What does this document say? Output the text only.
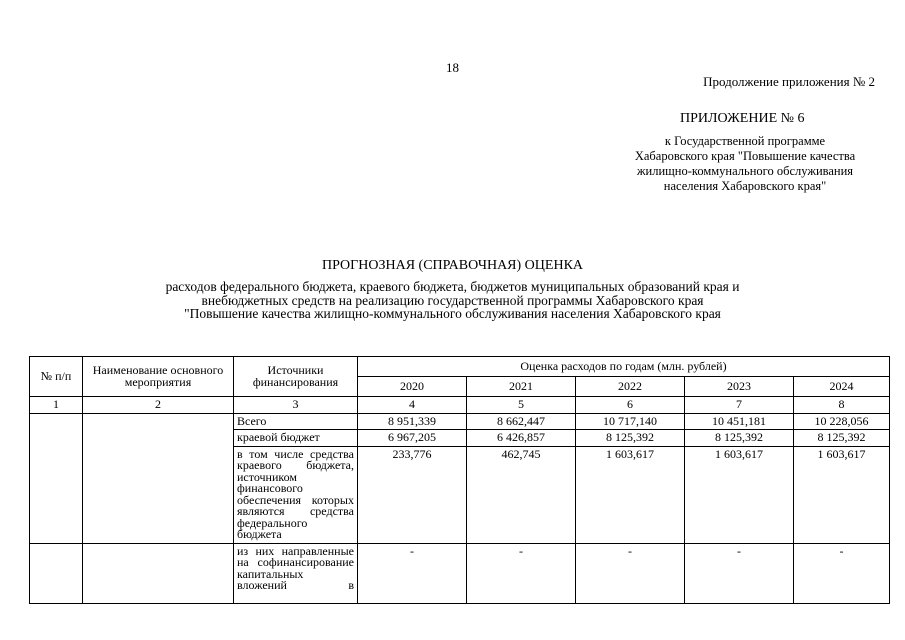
18
Продолжение приложения № 2
ПРИЛОЖЕНИЕ № 6
к Государственной программе
Хабаровского края "Повышение качества
жилищно-коммунального обслуживания
населения Хабаровского края"
ПРОГНОЗНАЯ (СПРАВОЧНАЯ) ОЦЕНКА
расходов федерального бюджета, краевого бюджета, бюджетов муниципальных образований края и
внебюджетных средств на реализацию государственной программы Хабаровского края
"Повышение качества жилищно-коммунального обслуживания населения Хабаровского края
№ п/п	Наименование основного мероприятия	Источники финансирования	Оценка расходов по годам (млн. рублей)				
			2020	2021	2022	2023	2024
1	2	3	4	5	6	7	8
		Всего	8 951,339	8 662,447	10 717,140	10 451,181	10 228,056
		краевой бюджет	6 967,205	6 426,857	8 125,392	8 125,392	8 125,392
		в том числе средства краевого бюджета, источником финансового обеспечения которых являются средства федерального бюджета	233,776	462,745	1 603,617	1 603,617	1 603,617
		из них направленные на софинансирование капитальных вложений в	-	-	-	-	-
